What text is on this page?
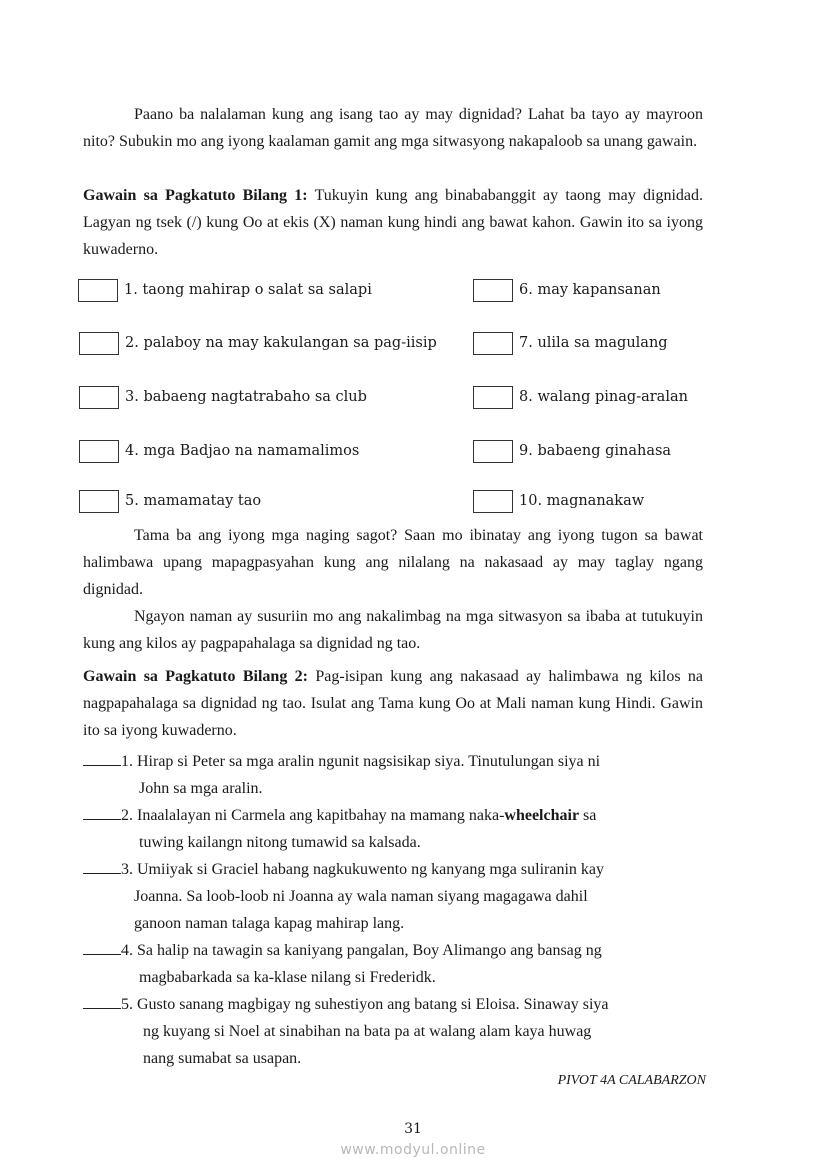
Paano ba nalalaman kung ang isang tao ay may dignidad? Lahat ba tayo ay mayroon nito? Subukin mo ang iyong kaalaman gamit ang mga sitwasyong nakapaloob sa unang gawain.
Gawain sa Pagkatuto Bilang 1: Tukuyin kung ang binababanggit ay taong may dignidad. Lagyan ng tsek (/) kung Oo at ekis (X) naman kung hindi ang bawat kahon. Gawin ito sa iyong kuwaderno.
1. taong mahirap o salat sa salapi
2. palaboy na may kakulangan sa pag-iisip
3. babaeng nagtatrabaho sa club
4. mga Badjao na namamalimos
5. mamamatay tao
6. may kapansanan
7. ulila sa magulang
8. walang pinag-aralan
9. babaeng ginahasa
10. magnanakaw
Tama ba ang iyong mga naging sagot? Saan mo ibinatay ang iyong tugon sa bawat halimbawa upang mapagpasyahan kung ang nilalang na nakasaad ay may taglay ngang dignidad.
Ngayon naman ay susuriin mo ang nakalimbag na mga sitwasyon sa ibaba at tutukuyin kung ang kilos ay pagpapahalaga sa dignidad ng tao.
Gawain sa Pagkatuto Bilang 2: Pag-isipan kung ang nakasaad ay halimbawa ng kilos na nagpapahalaga sa dignidad ng tao. Isulat ang Tama kung Oo at Mali naman kung Hindi. Gawin ito sa iyong kuwaderno.
1. Hirap si Peter sa mga aralin ngunit nagsisikap siya. Tinutulungan siya ni
John sa mga aralin.
2. Inaalalayan ni Carmela ang kapitbahay na mamang naka-wheelchair sa
tuwing kailangn nitong tumawid sa kalsada.
3. Umiiyak si Graciel habang nagkukuwento ng kanyang mga suliranin kay
Joanna. Sa loob-loob ni Joanna ay wala naman siyang magagawa dahil
ganoon naman talaga kapag mahirap lang.
4. Sa halip na tawagin sa kaniyang pangalan, Boy Alimango ang bansag ng
magbabarkada sa ka-klase nilang si Frederidk.
5. Gusto sanang magbigay ng suhestiyon ang batang si Eloisa. Sinaway siya
ng kuyang si Noel at sinabihan na bata pa at walang alam kaya huwag
nang sumabat sa usapan.
PIVOT 4A CALABARZON
31
www.modyul.online
